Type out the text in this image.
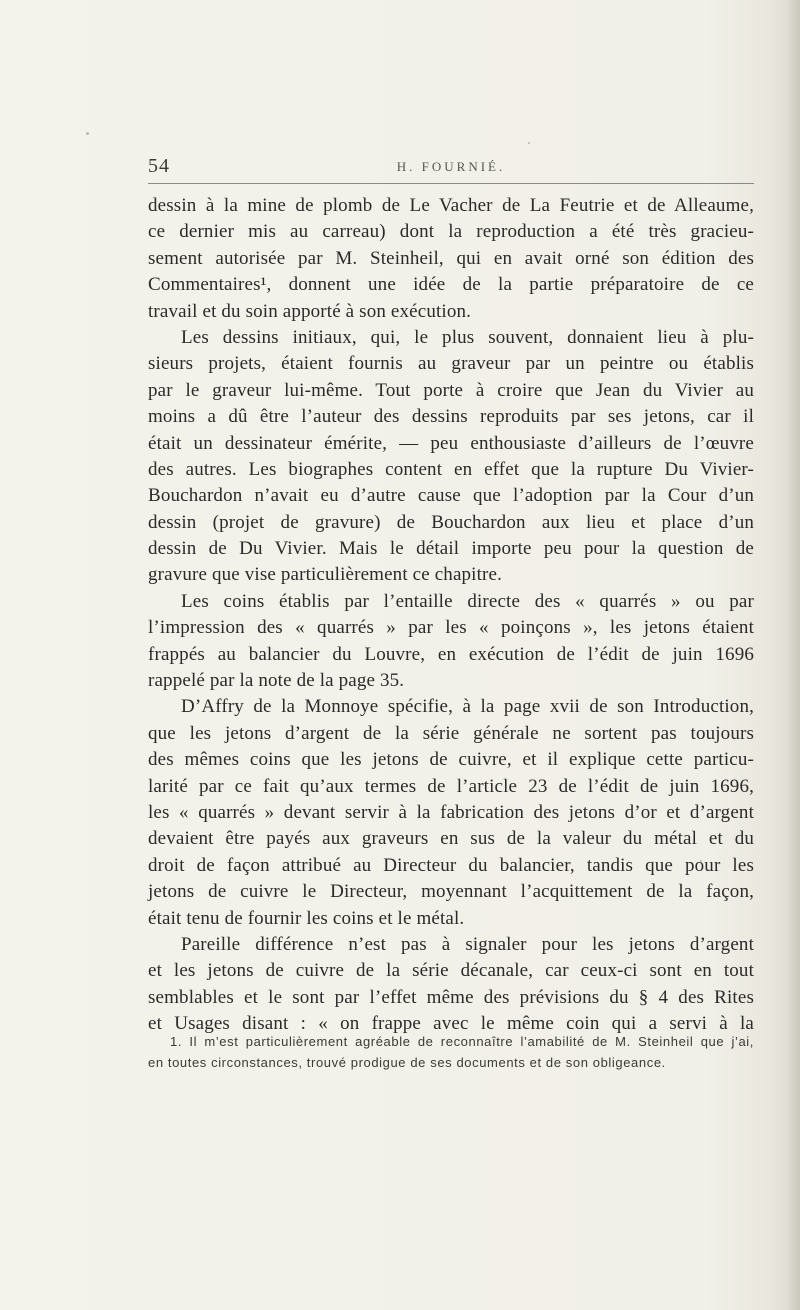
54	H. FOURNIÉ.
dessin à la mine de plomb de Le Vacher de La Feutrie et de Alleaume,
ce dernier mis au carreau) dont la reproduction a été très gracieu-
sement autorisée par M. Steinheil, qui en avait orné son édition des
Commentaires¹, donnent une idée de la partie préparatoire de ce
travail et du soin apporté à son exécution.
Les dessins initiaux, qui, le plus souvent, donnaient lieu à plu-
sieurs projets, étaient fournis au graveur par un peintre ou établis
par le graveur lui-même. Tout porte à croire que Jean du Vivier au
moins a dû être l’auteur des dessins reproduits par ses jetons, car il
était un dessinateur émérite, — peu enthousiaste d’ailleurs de l’œuvre
des autres. Les biographes content en effet que la rupture Du Vivier-
Bouchardon n’avait eu d’autre cause que l’adoption par la Cour d’un
dessin (projet de gravure) de Bouchardon aux lieu et place d’un
dessin de Du Vivier. Mais le détail importe peu pour la question de
gravure que vise particulièrement ce chapitre.
Les coins établis par l’entaille directe des « quarrés » ou par
l’impression des « quarrés » par les « poinçons », les jetons étaient
frappés au balancier du Louvre, en exécution de l’édit de juin 1696
rappelé par la note de la page 35.
D’Affry de la Monnoye spécifie, à la page xvii de son Introduction,
que les jetons d’argent de la série générale ne sortent pas toujours
des mêmes coins que les jetons de cuivre, et il explique cette particu-
larité par ce fait qu’aux termes de l’article 23 de l’édit de juin 1696,
les « quarrés » devant servir à la fabrication des jetons d’or et d’argent
devaient être payés aux graveurs en sus de la valeur du métal et du
droit de façon attribué au Directeur du balancier, tandis que pour les
jetons de cuivre le Directeur, moyennant l’acquittement de la façon,
était tenu de fournir les coins et le métal.
Pareille différence n’est pas à signaler pour les jetons d’argent
et les jetons de cuivre de la série décanale, car ceux-ci sont en tout
semblables et le sont par l’effet même des prévisions du § 4 des Rites
et Usages disant : « on frappe avec le même coin qui a servi à la
1. Il m’est particulièrement agréable de reconnaître l’amabilité de M. Steinheil que j’ai,
en toutes circonstances, trouvé prodigue de ses documents et de son obligeance.
